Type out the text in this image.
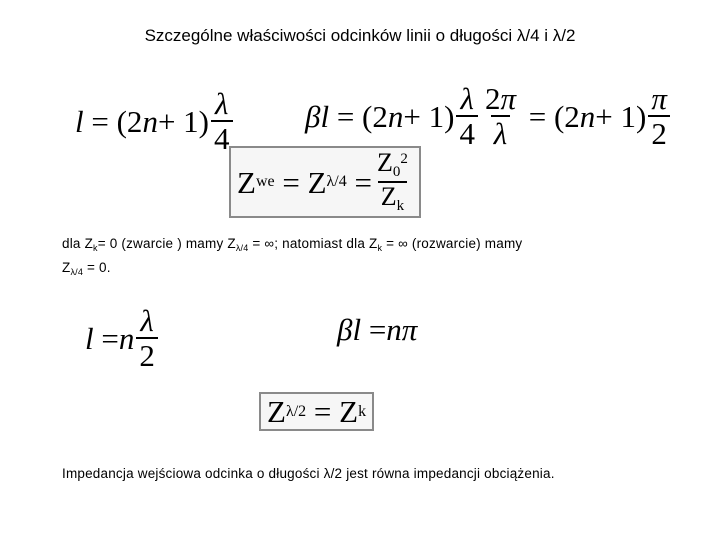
Szczególne właściwości odcinków linii o długości λ/4 i λ/2
l = (2 $n + 1) \frac{\lambda}{4}$ βl = (2 $n + 1) \frac{\lambda}{4} \frac{2\pi}{\lambda} = (2$ $n + 1) \frac{\pi}{2}$
Z we = Z $\lambda/4 = \frac{Z_0^2}{Z_k}$
dla $Z_k= 0$ (zwarcie ) mamy $Z_{\lambda/4}$ = ∞; natomiast dla $Z_k$ = ∞ (rozwarcie) mamy
$Z_{\lambda/4} = 0$.
l = n $\frac{\lambda}{2}$	βl = nπ
Z λ/2 = Z k
Impedancja wejściowa odcinka o długości λ/2 jest równa impedancji obciążenia.
